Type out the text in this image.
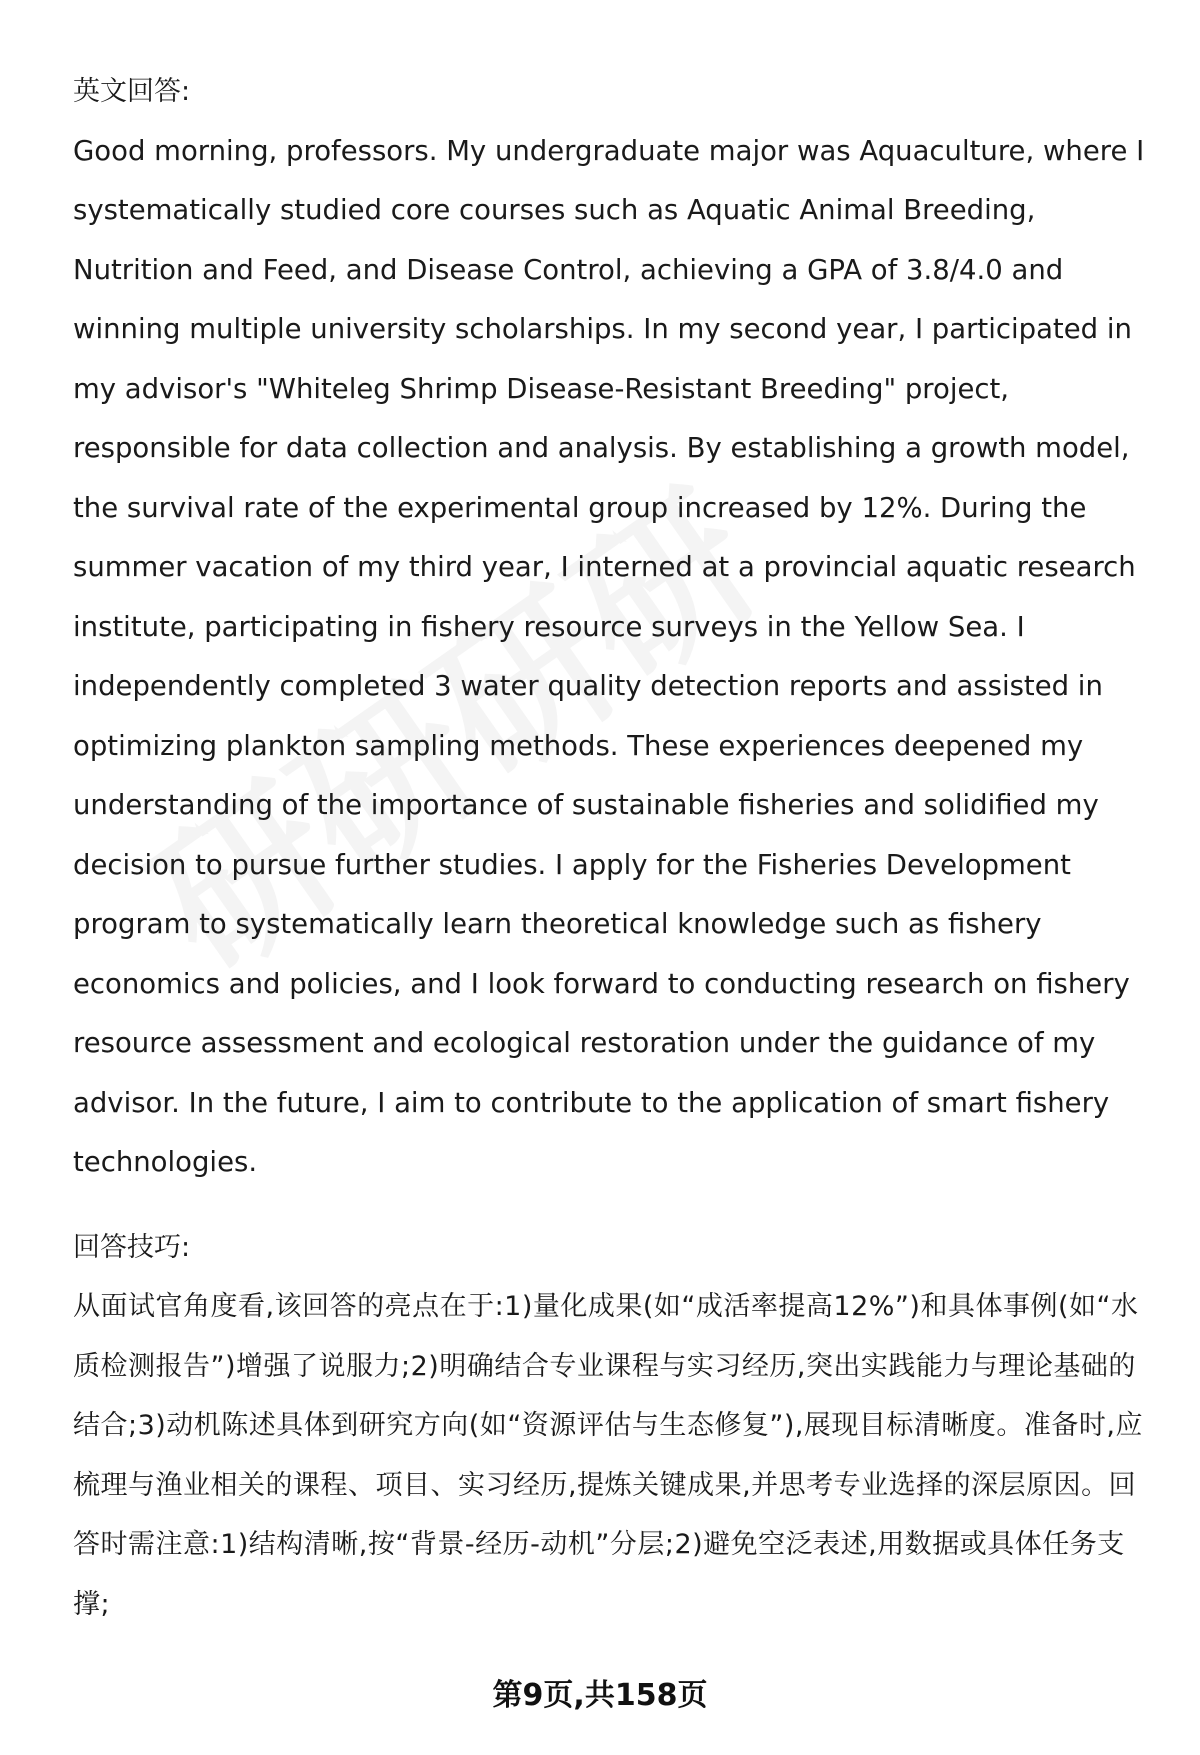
英文回答:

Good morning, professors. My undergraduate major was Aquaculture, where I systematically studied core courses such as Aquatic Animal Breeding, Nutrition and Feed, and Disease Control, achieving a GPA of 3.8/4.0 and winning multiple university scholarships. In my second year, I participated in my advisor's "Whiteleg Shrimp Disease-Resistant Breeding" project, responsible for data collection and analysis. By establishing a growth model, the survival rate of the experimental group increased by 12%. During the summer vacation of my third year, I interned at a provincial aquatic research institute, participating in fishery resource surveys in the Yellow Sea. I independently completed 3 water quality detection reports and assisted in optimizing plankton sampling methods. These experiences deepened my understanding of the importance of sustainable fisheries and solidified my decision to pursue further studies. I apply for the Fisheries Development program to systematically learn theoretical knowledge such as fishery economics and policies, and I look forward to conducting research on fishery resource assessment and ecological restoration under the guidance of my advisor. In the future, I aim to contribute to the application of smart fishery technologies.

回答技巧:

从面试官角度看,该回答的亮点在于:1)量化成果(如“成活率提高12%”)和具体事例(如“水质检测报告”)增强了说服力;2)明确结合专业课程与实习经历,突出实践能力与理论基础的结合;3)动机陈述具体到研究方向(如“资源评估与生态修复”),展现目标清晰度。准备时,应梳理与渔业相关的课程、项目、实习经历,提炼关键成果,并思考专业选择的深层原因。回答时需注意:1)结构清晰,按“背景-经历-动机”分层;2)避免空泛表述,用数据或具体任务支撑;

第9页,共158页
